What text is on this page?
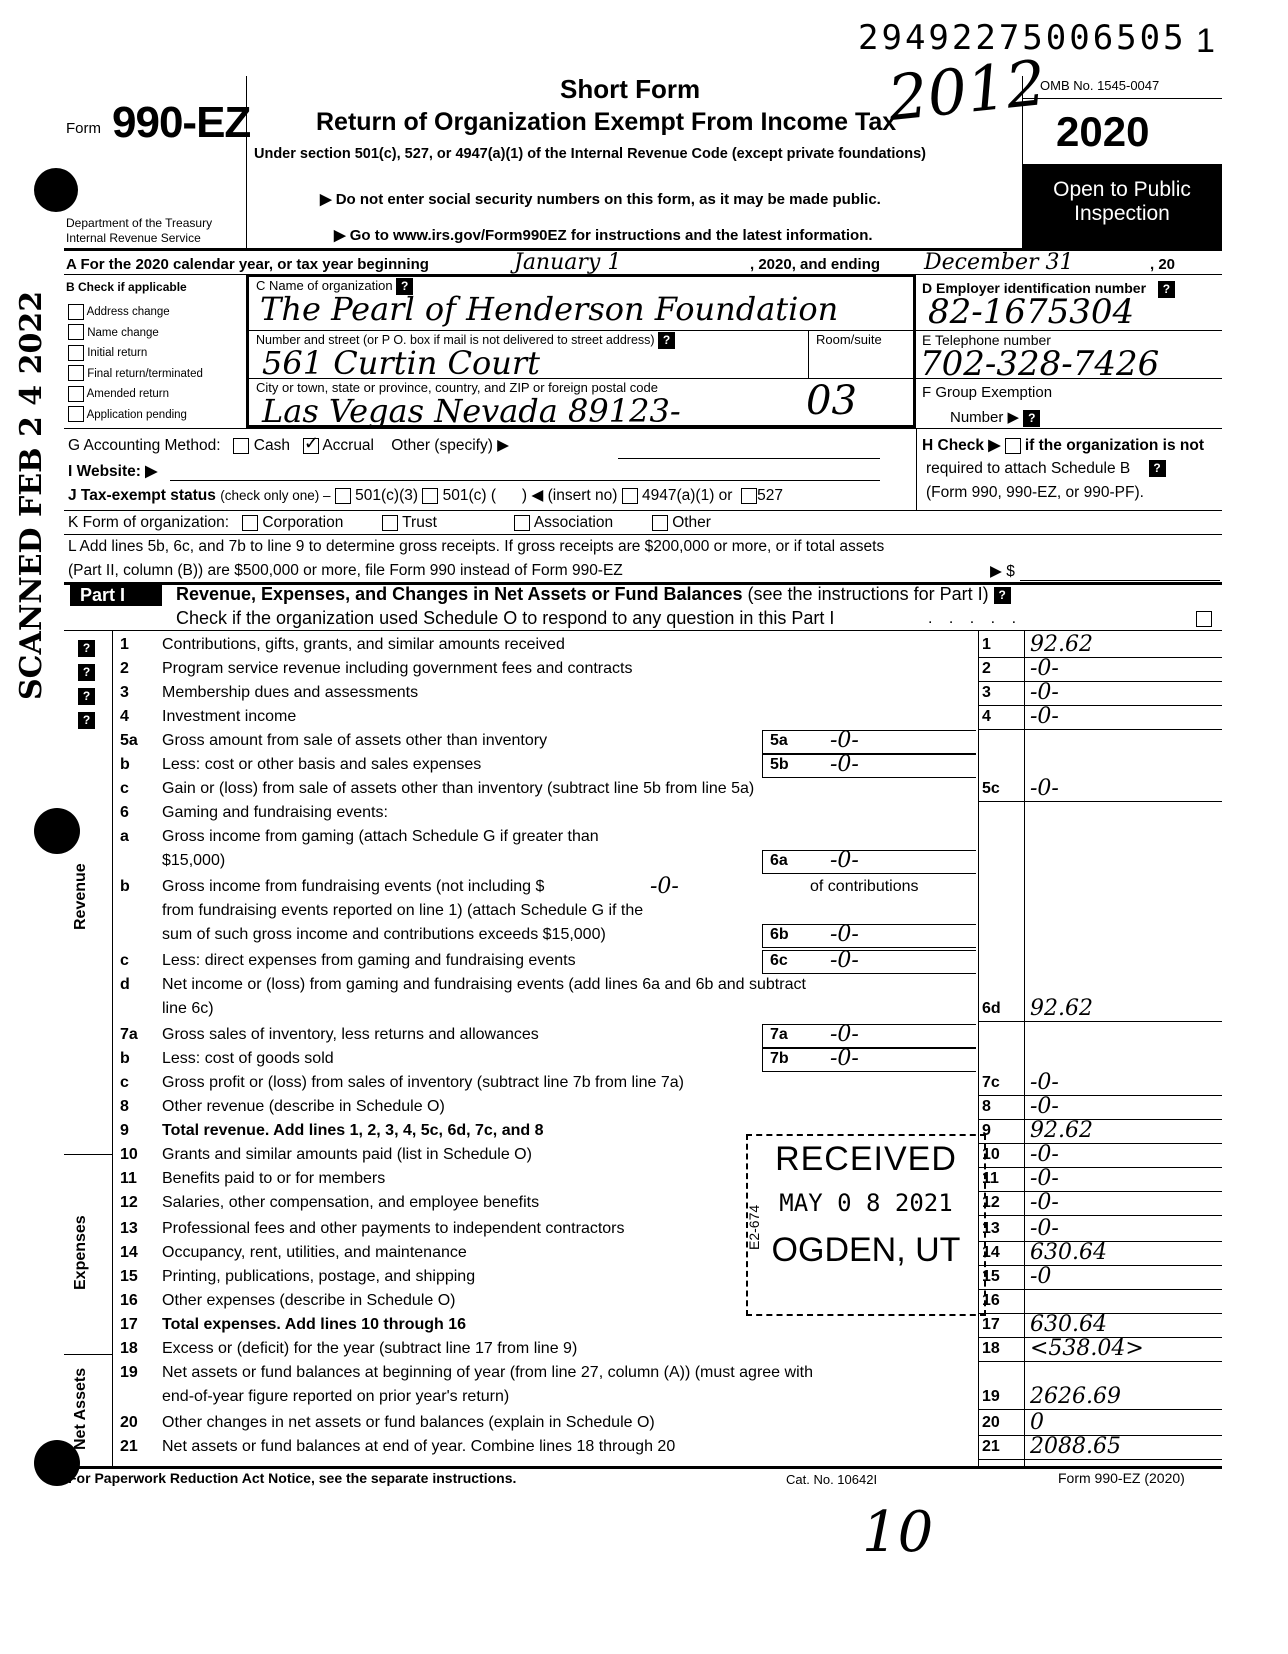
29492275006505 1
2012
Form 990-EZ
Department of the Treasury
Internal Revenue Service
Short Form
Return of Organization Exempt From Income Tax
Under section 501(c), 527, or 4947(a)(1) of the Internal Revenue Code (except private foundations)
▶ Do not enter social security numbers on this form, as it may be made public.
▶ Go to www.irs.gov/Form990EZ for instructions and the latest information.
OMB No. 1545-0047
2020
Open to Public
Inspection
A For the 2020 calendar year, or tax year beginning	January 1	, 2020, and ending December 31	, 20
B Check if applicable
Address change
Name change
Initial return
Final return/terminated
Amended return
Application pending
C Name of organization ?
The Pearl of Henderson Foundation
Number and street (or P O. box if mail is not delivered to street address) ?	Room/suite
561 Curtin Court
City or town, state or province, country, and ZIP or foreign postal code
Las Vegas Nevada 89123-	03
D Employer identification number ?
82-1675304
E Telephone number
702-328-7426
F Group Exemption
Number ▶ ?
G Accounting Method: Cash ✓ Accrual Other (specify) ▶
I Website: ▶
H Check ▶ if the organization is not
required to attach Schedule B ?
(Form 990, 990-EZ, or 990-PF).
J Tax-exempt status (check only one) – 501(c)(3) 501(c) ( ) ◀ (insert no) 4947(a)(1) or 527
K Form of organization: Corporation	Trust	Association	Other
L Add lines 5b, 6c, and 7b to line 9 to determine gross receipts. If gross receipts are $200,000 or more, or if total assets
(Part II, column (B)) are $500,000 or more, file Form 990 instead of Form 990-EZ	▶ $
Part I	Revenue, Expenses, and Changes in Net Assets or Fund Balances (see the instructions for Part I) ?
Check if the organization used Schedule O to respond to any question in this Part I	. . . . .
1	Contributions, gifts, grants, and similar amounts received	1	92.62
2	Program service revenue including government fees and contracts	2	-0-
3	Membership dues and assessments	3	-0-
4	Investment income	4	-0-
5a	Gross amount from sale of assets other than inventory	5a	-0-
b	Less: cost or other basis and sales expenses	5b	-0-
c	Gain or (loss) from sale of assets other than inventory (subtract line 5b from line 5a)	5c	-0-
6	Gaming and fundraising events:
a	Gross income from gaming (attach Schedule G if greater than
$15,000)	6a	-0-
b	Gross income from fundraising events (not including $	-0-	of contributions
from fundraising events reported on line 1) (attach Schedule G if the
sum of such gross income and contributions exceeds $15,000)	6b	-0-
c	Less: direct expenses from gaming and fundraising events	6c	-0-
d	Net income or (loss) from gaming and fundraising events (add lines 6a and 6b and subtract
line 6c)	6d	92.62
7a	Gross sales of inventory, less returns and allowances	7a	-0-
b	Less: cost of goods sold	7b	-0-
c	Gross profit or (loss) from sales of inventory (subtract line 7b from line 7a)	7c	-0-
8	Other revenue (describe in Schedule O)	8	-0-
9	Total revenue. Add lines 1, 2, 3, 4, 5c, 6d, 7c, and 8	9	92.62
10	Grants and similar amounts paid (list in Schedule O)	10	-0-
11	Benefits paid to or for members	11	-0-
12	Salaries, other compensation, and employee benefits	12	-0-
13	Professional fees and other payments to independent contractors	13	-0-
14	Occupancy, rent, utilities, and maintenance	14	630.64
15	Printing, publications, postage, and shipping	15	-0
16	Other expenses (describe in Schedule O)	16
17	Total expenses. Add lines 10 through 16	17	630.64
18	Excess or (deficit) for the year (subtract line 17 from line 9)	18	<538.04>
19	Net assets or fund balances at beginning of year (from line 27, column (A)) (must agree with
end-of-year figure reported on prior year's return)	19	2626.69
20	Other changes in net assets or fund balances (explain in Schedule O)	20	0
21	Net assets or fund balances at end of year. Combine lines 18 through 20	21	2088.65
Revenue
Expenses
Net Assets
SCANNED FEB 2 4 2022	?
?
?
?
RECEIVED
MAY 0 8 2021
OGDEN, UT
E2-674
For Paperwork Reduction Act Notice, see the separate instructions.	Cat. No. 10642I	Form 990-EZ (2020)
10
